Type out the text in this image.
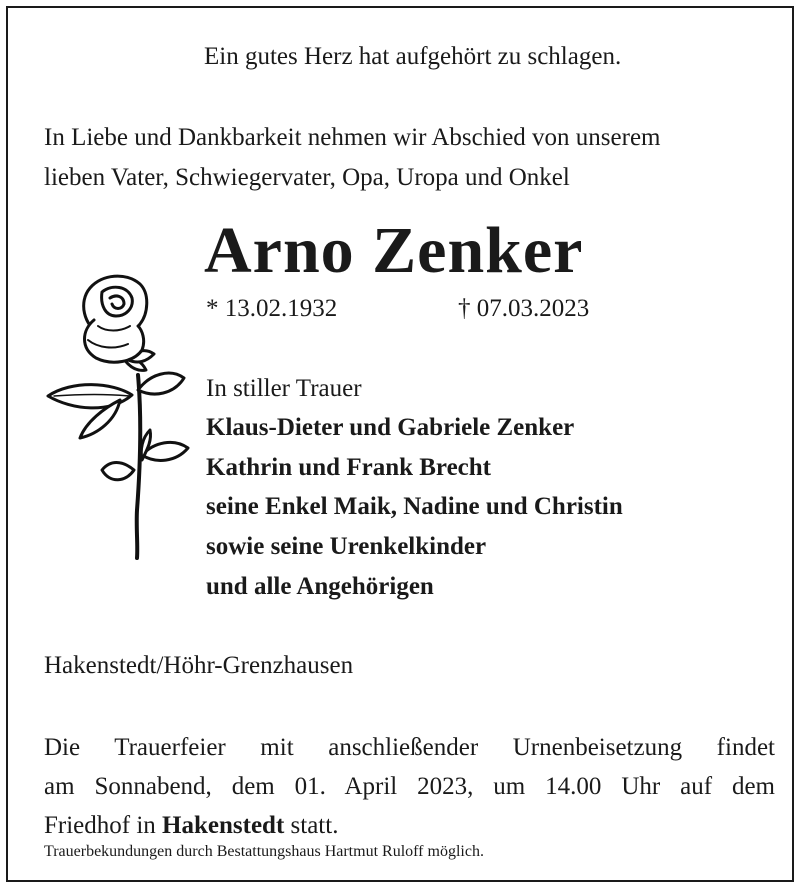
Ein gutes Herz hat aufgehört zu schlagen.
In Liebe und Dankbarkeit nehmen wir Abschied von unserem
lieben Vater, Schwiegervater, Opa, Uropa und Onkel
Arno Zenker
* 13.02.1932	† 07.03.2023
In stiller Trauer
Klaus-Dieter und Gabriele Zenker
Kathrin und Frank Brecht
seine Enkel Maik, Nadine und Christin
sowie seine Urenkelkinder
und alle Angehörigen
Hakenstedt/Höhr-Grenzhausen

Die Trauerfeier mit anschließender Urnenbeisetzung findet

am Sonnabend, dem 01. April 2023, um 14.00 Uhr auf dem

Friedhof in Hakenstedt statt.

Trauerbekundungen durch Bestattungshaus Hartmut Ruloff möglich.
